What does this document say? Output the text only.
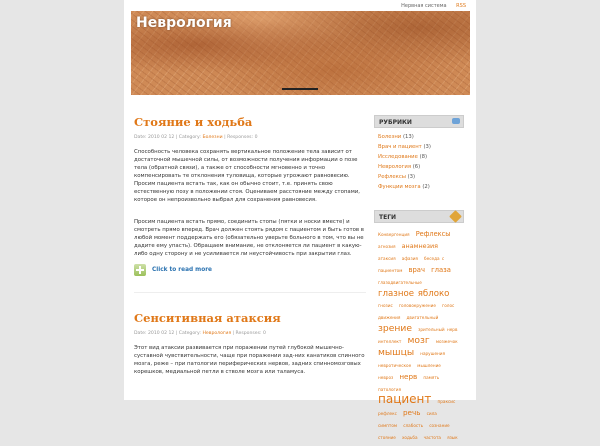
Нервная система RSS
Неврология
Стояние и ходьба
Date: 2010 02 12 | Category: Болезни | Responses: 0

Способность человека сохранять вертикальное положение тела зависит от достаточной мышечной силы, от возможности получения информации о позе тела (обратной связи), а также от способности мгновенно и точно компенсировать те отклонения туловища, которые угрожают равновесию. Просим пациента встать так, как он обычно стоит, т.е. принять свою естественную позу в положении стоя. Оцениваем расстояние между стопами, которое он непроизвольно выбрал для сохранения равновесия.

Просим пациента встать прямо, соединить стопы (пятки и носки вместе) и смотреть прямо вперед. Врач должен стоять рядом с пациентом и быть готов в любой момент поддержать его (обязательно уверьте больного в том, что вы не дадите ему упасть). Обращаем внимание, не отклоняется ли пациент в какую-либо одну сторону и не усиливается ли неустойчивость при закрытии глаз.

Click to read more
Сенситивная атаксия
Date: 2010 02 12 | Category: Неврология | Responses: 0

Этот вид атаксии развивается при поражении путей глубокой мышечно-суставной чувствительности, чаще при поражении зад-них канатиков спинного мозга, реже – при патологии периферических нервов, задних спинномозговых корешков, медиальной петли в стволе мозга или таламуса.

РУБРИКИ
Болезни (13)
Врач и пациент (3)
Исследование (8)
Неврология (6)
Рефлексы (3)
Функции мозга (2)
ТЕГИ
Конвергенция Рефлексы агнозия анамнезия атаксия афазия беседа с пациентом врач глаза глазодвигательные глазное яблоко гнозис головокружение голос движения двигательный зрение зрительный нерв интеллект мозг мозжечок мышцы нарушения невротическое мышление невроз нерв память патология пациент праксис рефлекс речь сила симптом слабость сознание стояние ходьба частота язык
